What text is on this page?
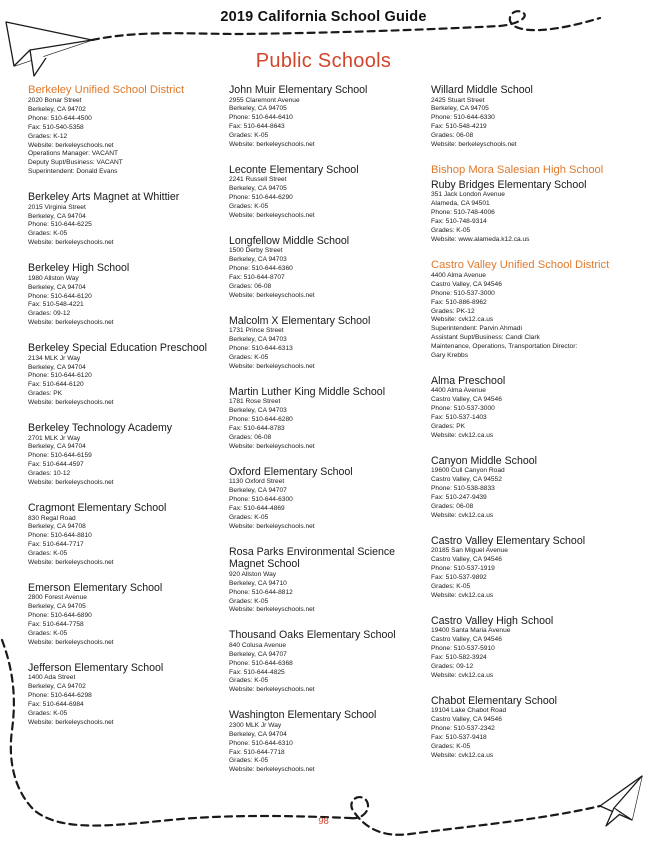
2019 California School Guide
Public Schools
Berkeley Unified School District
2020 Bonar Street
Berkeley, CA 94702
Phone: 510-644-4500
Fax: 510-540-5358
Grades: K-12
Website: berkeleyschools.net
Operations Manager: VACANT
Deputy Supt/Business: VACANT
Superintendent: Donald Evans
Berkeley Arts Magnet at Whittier
2015 Virginia Street
Berkeley, CA 94704
Phone: 510-644-6225
Grades: K-05
Website: berkeleyschools.net
Berkeley High School
1980 Allston Way
Berkeley, CA 94704
Phone: 510-644-6120
Fax: 510-548-4221
Grades: 09-12
Website: berkeleyschools.net
Berkeley Special Education Preschool
2134 MLK Jr Way
Berkeley, CA 94704
Phone: 510-644-6120
Fax: 510-644-6120
Grades: PK
Website: berkeleyschools.net
Berkeley Technology Academy
2701 MLK Jr Way
Berkeley, CA 94704
Phone: 510-644-6159
Fax: 510-644-4597
Grades: 10-12
Website: berkeleyschools.net
Cragmont Elementary School
830 Regal Road
Berkeley, CA 94708
Phone: 510-644-8810
Fax: 510-644-7717
Grades: K-05
Website: berkeleyschools.net
Emerson Elementary School
2800 Forest Avenue
Berkeley, CA 94705
Phone: 510-644-6890
Fax: 510-644-7758
Grades: K-05
Website: berkeleyschools.net
Jefferson Elementary School
1400 Ada Street
Berkeley, CA 94702
Phone: 510-644-6298
Fax: 510-644-6984
Grades: K-05
Website: berkeleyschools.net
John Muir Elementary School
2955 Claremont Avenue
Berkeley, CA 94705
Phone: 510-644-6410
Fax: 510-644-8643
Grades: K-05
Website: berkeleyschools.net
Leconte Elementary School
2241 Russell Street
Berkeley, CA 94705
Phone: 510-644-6290
Grades: K-05
Website: berkeleyschools.net
Longfellow Middle School
1500 Derby Street
Berkeley, CA 94703
Phone: 510-644-6360
Fax: 510-644-8707
Grades: 06-08
Website: berkeleyschools.net
Malcolm X Elementary School
1731 Prince Street
Berkeley, CA 94703
Phone: 510-644-6313
Grades: K-05
Website: berkeleyschools.net
Martin Luther King Middle School
1781 Rose Street
Berkeley, CA 94703
Phone: 510-644-6280
Fax: 510-644-8783
Grades: 06-08
Website: berkeleyschools.net
Oxford Elementary School
1130 Oxford Street
Berkeley, CA 94707
Phone: 510-644-6300
Fax: 510-644-4869
Grades: K-05
Website: berkeleyschools.net
Rosa Parks Environmental Science Magnet School
920 Allston Way
Berkeley, CA 94710
Phone: 510-644-8812
Grades: K-05
Website: berkeleyschools.net
Thousand Oaks Elementary School
840 Colusa Avenue
Berkeley, CA 94707
Phone: 510-644-6368
Fax: 510-644-4825
Grades: K-05
Website: berkeleyschools.net
Washington Elementary School
2300 MLK Jr Way
Berkeley, CA 94704
Phone: 510-644-6310
Fax: 510-644-7718
Grades: K-05
Website: berkeleyschools.net
Willard Middle School
2425 Stuart Street
Berkeley, CA 94705
Phone: 510-644-6330
Fax: 510-548-4219
Grades: 06-08
Website: berkeleyschools.net
Bishop Mora Salesian High School
Ruby Bridges Elementary School
351 Jack London Avenue
Alameda, CA 94501
Phone: 510-748-4006
Fax: 510-748-9314
Grades: K-05
Website: www.alameda.k12.ca.us
Castro Valley Unified School District
4400 Alma Avenue
Castro Valley, CA 94546
Phone: 510-537-3000
Fax: 510-886-8962
Grades: PK-12
Website: cvk12.ca.us
Superintendent: Parvin Ahmadi
Assistant Supt/Business: Candi Clark
Maintenance, Operations, Transportation Director:
Gary Krebbs
Alma Preschool
4400 Alma Avenue
Castro Valley, CA 94546
Phone: 510-537-3000
Fax: 510-537-1403
Grades: PK
Website: cvk12.ca.us
Canyon Middle School
19600 Cull Canyon Road
Castro Valley, CA 94552
Phone: 510-538-8833
Fax: 510-247-9439
Grades: 06-08
Website: cvk12.ca.us
Castro Valley Elementary School
20185 San Miguel Avenue
Castro Valley, CA 94546
Phone: 510-537-1919
Fax: 510-537-9892
Grades: K-05
Website: cvk12.ca.us
Castro Valley High School
19400 Santa Maria Avenue
Castro Valley, CA 94546
Phone: 510-537-5910
Fax: 510-582-3924
Grades: 09-12
Website: cvk12.ca.us
Chabot Elementary School
19104 Lake Chabot Road
Castro Valley, CA 94546
Phone: 510-537-2342
Fax: 510-537-9418
Grades: K-05
Website: cvk12.ca.us
98
